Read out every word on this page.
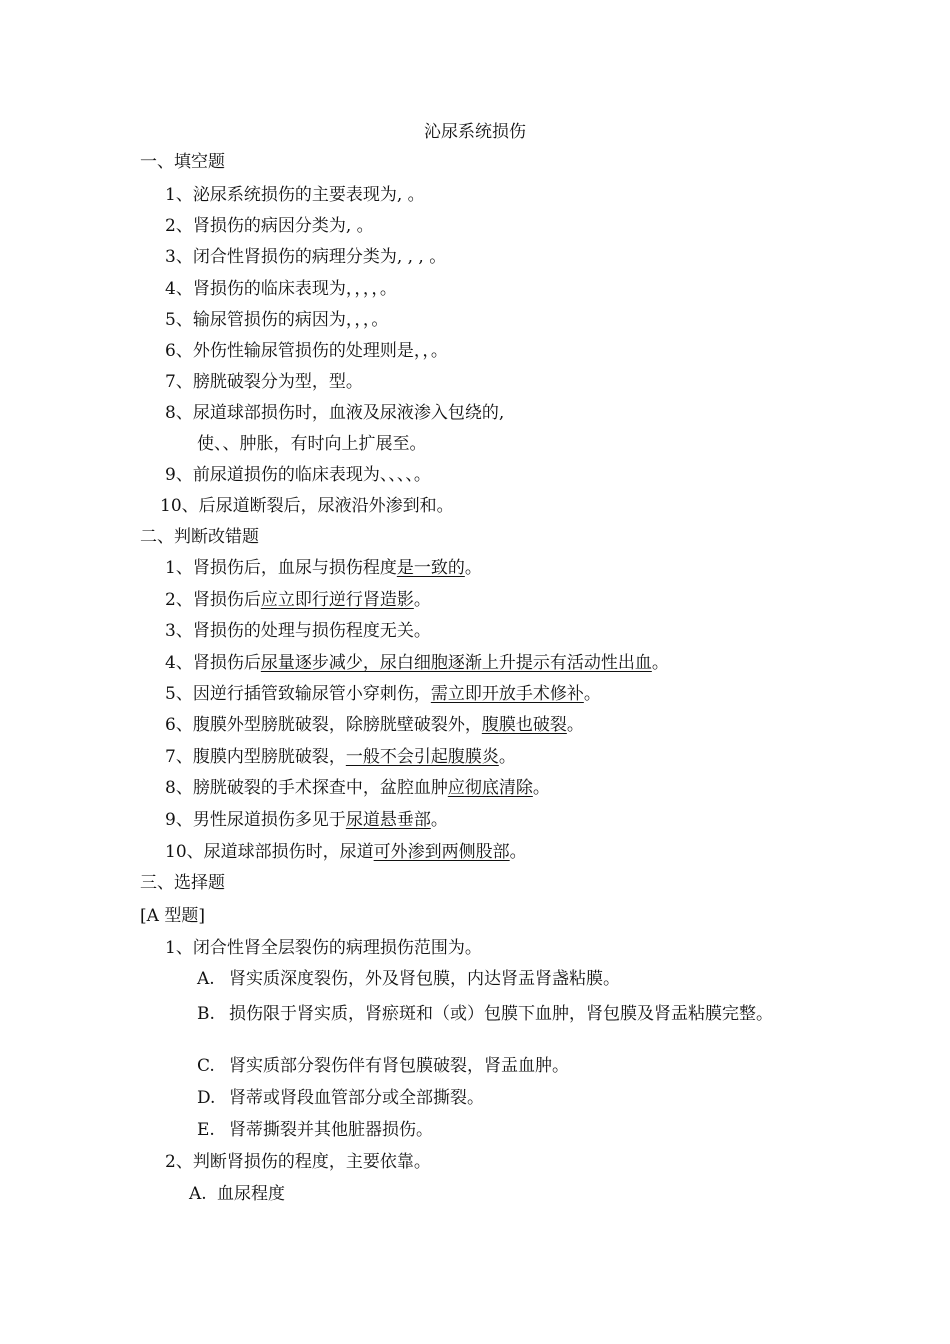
沁尿系统损伤
一、填空题
1、泌尿系统损伤的主要表现为, 。
2、肾损伤的病因分类为, 。
3、闭合性肾损伤的病理分类为, , , 。
4、肾损伤的临床表现为，，，，。
5、输尿管损伤的病因为，，，。
6、外伤性输尿管损伤的处理则是，，。
7、膀胱破裂分为型，型。
8、尿道球部损伤时，血液及尿液渗入包绕的,
使、、肿胀，有时向上扩展至。
9、前尿道损伤的临床表现为、、、、。
10、后尿道断裂后，尿液沿外渗到和。
二、判断改错题
1、肾损伤后，血尿与损伤程度是一致的。
2、肾损伤后应立即行逆行肾造影。
3、肾损伤的处理与损伤程度无关。
4、肾损伤后尿量逐步减少，尿白细胞逐渐上升提示有活动性出血。
5、因逆行插管致输尿管小穿刺伤，需立即开放手术修补。
6、腹膜外型膀胱破裂，除膀胱壁破裂外，腹膜也破裂。
7、腹膜内型膀胱破裂，一般不会引起腹膜炎。
8、膀胱破裂的手术探查中，盆腔血肿应彻底清除。
9、男性尿道损伤多见于尿道悬垂部。
10、尿道球部损伤时，尿道可外渗到两侧股部。
三、选择题
[A 型题]
1、闭合性肾全层裂伤的病理损伤范围为。
A. 肾实质深度裂伤，外及肾包膜，内达肾盂肾盏粘膜。
B. 损伤限于肾实质，肾瘀斑和（或）包膜下血肿，肾包膜及肾盂粘膜完整。
C. 肾实质部分裂伤伴有肾包膜破裂，肾盂血肿。
D. 肾蒂或肾段血管部分或全部撕裂。
E. 肾蒂撕裂并其他脏器损伤。
2、判断肾损伤的程度，主要依靠。
A. 血尿程度
